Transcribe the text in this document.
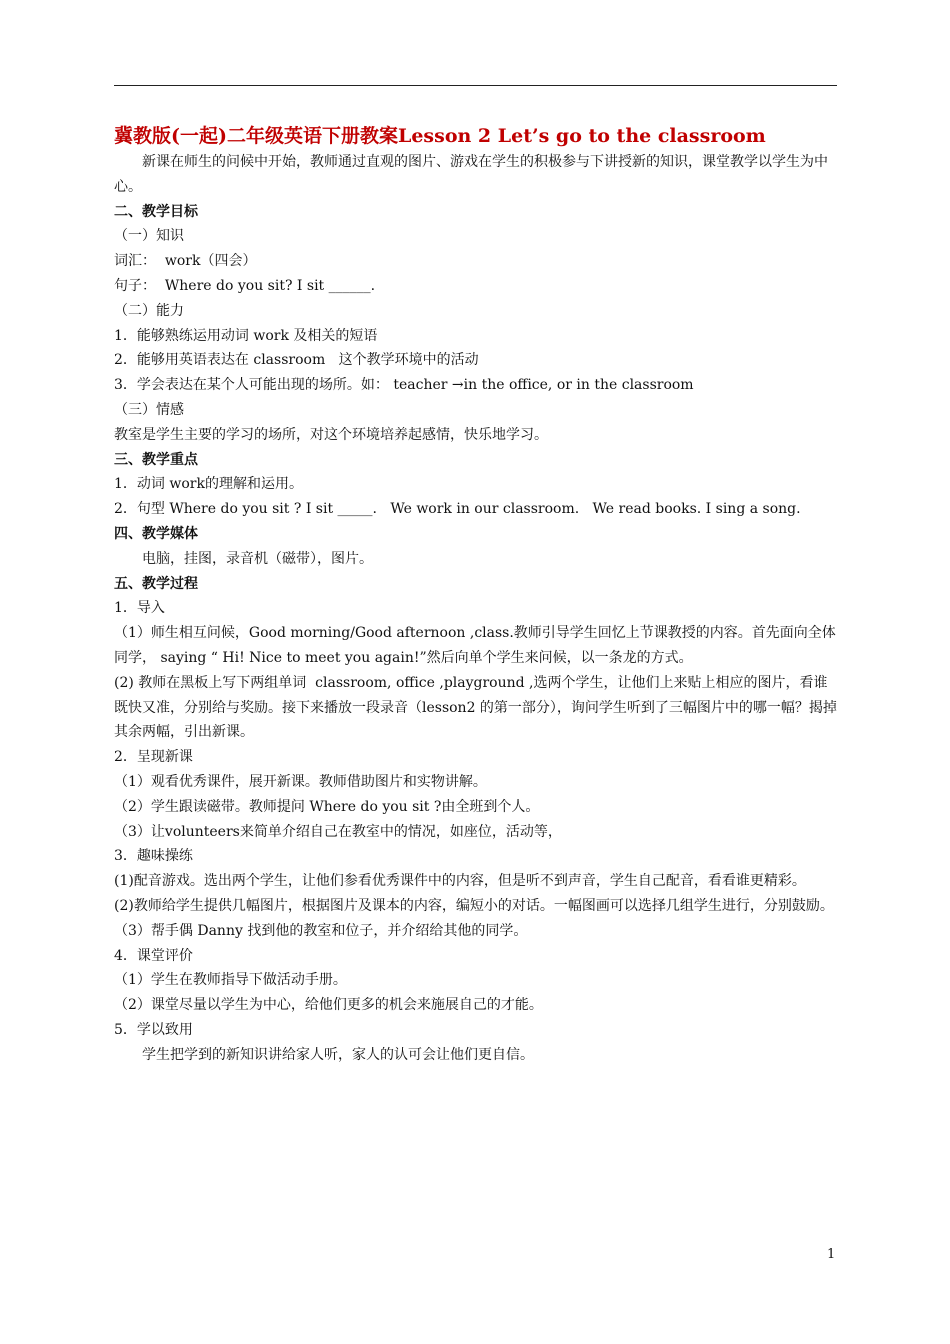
冀教版(一起)二年级英语下册教案Lesson 2 Let’s go to the classroom

新课在师生的问候中开始，教师通过直观的图片、游戏在学生的积极参与下讲授新的知识，课堂教学以学生为中心。

二、教学目标

（一）知识

词汇：  work（四会）

句子：  Where do you sit? I sit ______.

（二）能力

1．能够熟练运用动词 work 及相关的短语

2．能够用英语表达在 classroom   这个教学环境中的活动

3．学会表达在某个人可能出现的场所。如： teacher →in the office, or in the classroom

（三）情感

教室是学生主要的学习的场所，对这个环境培养起感情，快乐地学习。

三、教学重点

1．动词 work的理解和运用。

2．句型 Where do you sit ? I sit _____.   We work in our classroom.   We read books. I sing a song.

四、教学媒体

电脑，挂图，录音机（磁带），图片。

五、教学过程

1．导入

（1）师生相互问候，Good morning/Good afternoon ,class.教师引导学生回忆上节课教授的内容。首先面向全体同学， saying “ Hi! Nice to meet you again!”然后向单个学生来问候，以一条龙的方式。

(2) 教师在黑板上写下两组单词  classroom, office ,playground ,选两个学生，让他们上来贴上相应的图片，看谁既快又准，分别给与奖励。接下来播放一段录音（lesson2 的第一部分），询问学生听到了三幅图片中的哪一幅？揭掉其余两幅，引出新课。

2．呈现新课

（1）观看优秀课件，展开新课。教师借助图片和实物讲解。

（2）学生跟读磁带。教师提问 Where do you sit ?由全班到个人。

（3）让volunteers来简单介绍自己在教室中的情况，如座位，活动等，

3．趣味操练

(1)配音游戏。选出两个学生，让他们参看优秀课件中的内容，但是听不到声音，学生自己配音，看看谁更精彩。

(2)教师给学生提供几幅图片，根据图片及课本的内容，编短小的对话。一幅图画可以选择几组学生进行，分别鼓励。

（3）帮手偶 Danny 找到他的教室和位子，并介绍给其他的同学。

4．课堂评价

（1）学生在教师指导下做活动手册。

（2）课堂尽量以学生为中心，给他们更多的机会来施展自己的才能。

5．学以致用

学生把学到的新知识讲给家人听，家人的认可会让他们更自信。

1
